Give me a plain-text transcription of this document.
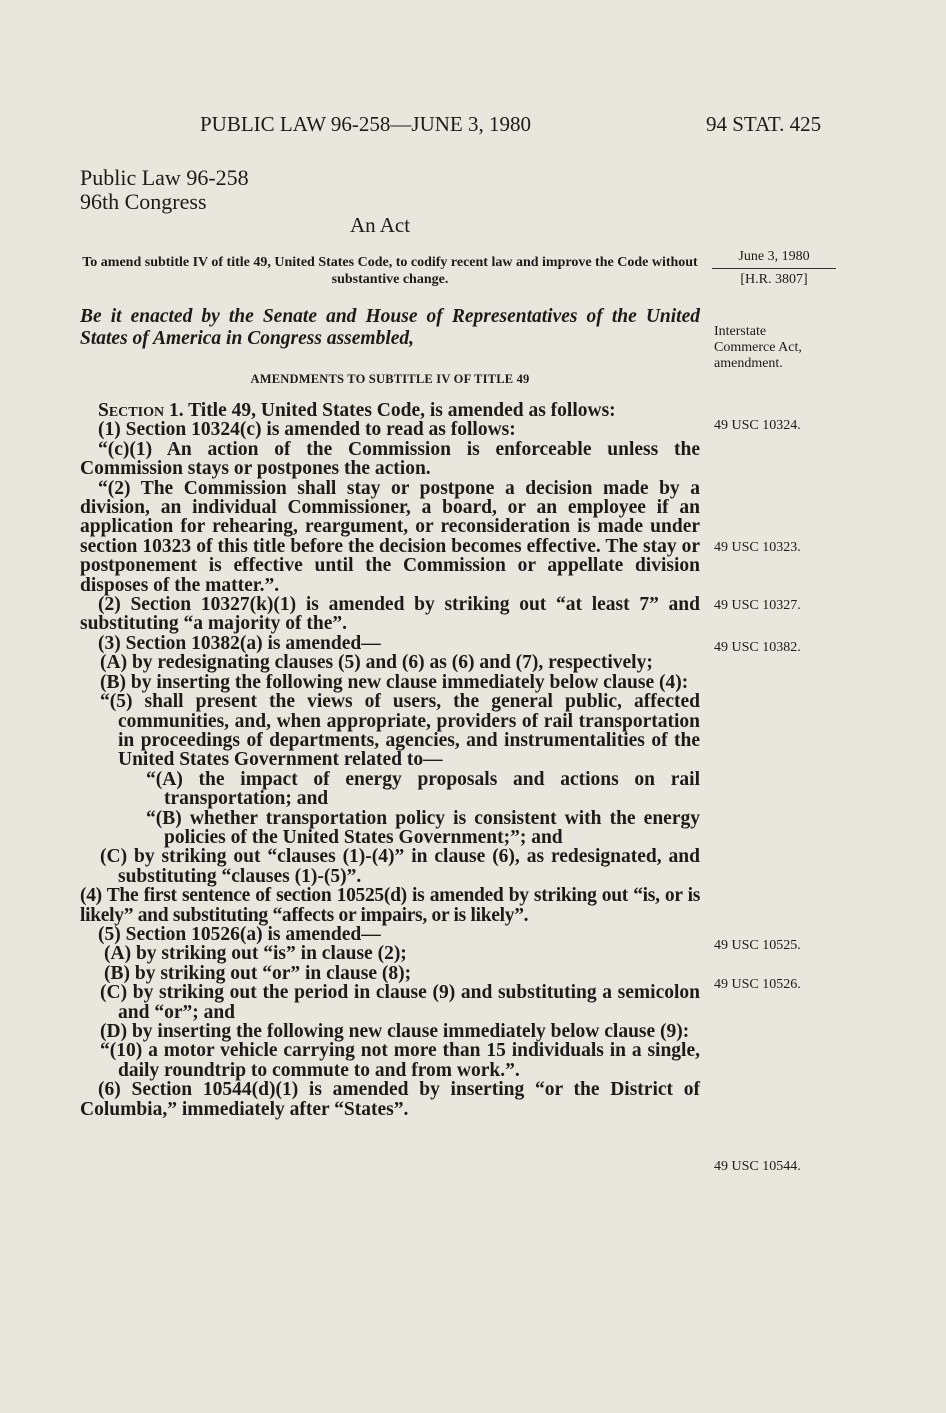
PUBLIC LAW 96-258—JUNE 3, 1980	94 STAT. 425
Public Law 96-258
96th Congress
An Act
To amend subtitle IV of title 49, United States Code, to codify recent law and improve the Code without substantive change.
June 3, 1980
[H.R. 3807]
Be it enacted by the Senate and House of Representatives of the United States of America in Congress assembled,
AMENDMENTS TO SUBTITLE IV OF TITLE 49
Interstate
Commerce Act,
amendment.
49 USC 10324.
49 USC 10323.
49 USC 10327.
49 USC 10382.
49 USC 10525.
49 USC 10526.
49 USC 10544.

Section 1. Title 49, United States Code, is amended as follows:

(1) Section 10324(c) is amended to read as follows:

“(c)(1) An action of the Commission is enforceable unless the Commission stays or postpones the action.

“(2) The Commission shall stay or postpone a decision made by a division, an individual Commissioner, a board, or an employee if an application for rehearing, reargument, or reconsideration is made under section 10323 of this title before the decision becomes effective. The stay or postponement is effective until the Commission or appellate division disposes of the matter.”.

(2) Section 10327(k)(1) is amended by striking out “at least 7” and substituting “a majority of the”.

(3) Section 10382(a) is amended—

(A) by redesignating clauses (5) and (6) as (6) and (7), respectively;

(B) by inserting the following new clause immediately below clause (4):

“(5) shall present the views of users, the general public, affected communities, and, when appropriate, providers of rail transportation in proceedings of departments, agencies, and instrumentalities of the United States Government related to—

“(A) the impact of energy proposals and actions on rail transportation; and

“(B) whether transportation policy is consistent with the energy policies of the United States Government;”; and

(C) by striking out “clauses (1)-(4)” in clause (6), as redesignated, and substituting “clauses (1)-(5)”.

(4) The first sentence of section 10525(d) is amended by striking out “is, or is likely” and substituting “affects or impairs, or is likely”.

(5) Section 10526(a) is amended—

(A) by striking out “is” in clause (2);

(B) by striking out “or” in clause (8);

(C) by striking out the period in clause (9) and substituting a semicolon and “or”; and

(D) by inserting the following new clause immediately below clause (9):

“(10) a motor vehicle carrying not more than 15 individuals in a single, daily roundtrip to commute to and from work.”.

(6) Section 10544(d)(1) is amended by inserting “or the District of Columbia,” immediately after “States”.
